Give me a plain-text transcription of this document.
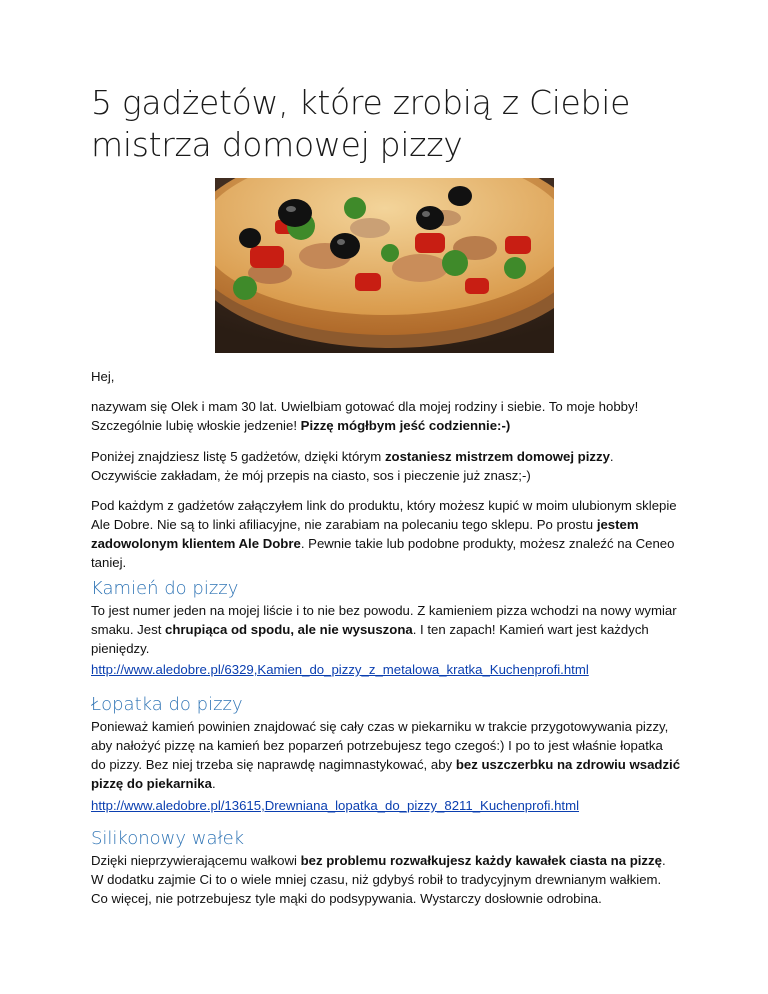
5 gadżetów, które zrobią z Ciebie mistrza domowej pizzy

Hej,

nazywam się Olek i mam 30 lat. Uwielbiam gotować dla mojej rodziny i siebie. To moje hobby! Szczególnie lubię włoskie jedzenie! Pizzę mógłbym jeść codziennie:-)

Poniżej znajdziesz listę 5 gadżetów, dzięki którym zostaniesz mistrzem domowej pizzy. Oczywiście zakładam, że mój przepis na ciasto, sos i pieczenie już znasz;-)

Pod każdym z gadżetów załączyłem link do produktu, który możesz kupić w moim ulubionym sklepie Ale Dobre. Nie są to linki afiliacyjne, nie zarabiam na polecaniu tego sklepu. Po prostu jestem zadowolonym klientem Ale Dobre. Pewnie takie lub podobne produkty, możesz znaleźć na Ceneo taniej.

Kamień do pizzy

To jest numer jeden na mojej liście i to nie bez powodu. Z kamieniem pizza wchodzi na nowy wymiar smaku. Jest chrupiąca od spodu, ale nie wysuszona. I ten zapach! Kamień wart jest każdych pieniędzy.

http://www.aledobre.pl/6329,Kamien_do_pizzy_z_metalowa_kratka_Kuchenprofi.html
Łopatka do pizzy

Ponieważ kamień powinien znajdować się cały czas w piekarniku w trakcie przygotowywania pizzy, aby nałożyć pizzę na kamień bez poparzeń potrzebujesz tego czegoś:) I po to jest właśnie łopatka do pizzy. Bez niej trzeba się naprawdę nagimnastykować, aby bez uszczerbku na zdrowiu wsadzić pizzę do piekarnika.

http://www.aledobre.pl/13615,Drewniana_lopatka_do_pizzy_8211_Kuchenprofi.html
Silikonowy wałek

Dzięki nieprzywierającemu wałkowi bez problemu rozwałkujesz każdy kawałek ciasta na pizzę. W dodatku zajmie Ci to o wiele mniej czasu, niż gdybyś robił to tradycyjnym drewnianym wałkiem. Co więcej, nie potrzebujesz tyle mąki do podsypywania. Wystarczy dosłownie odrobina.
